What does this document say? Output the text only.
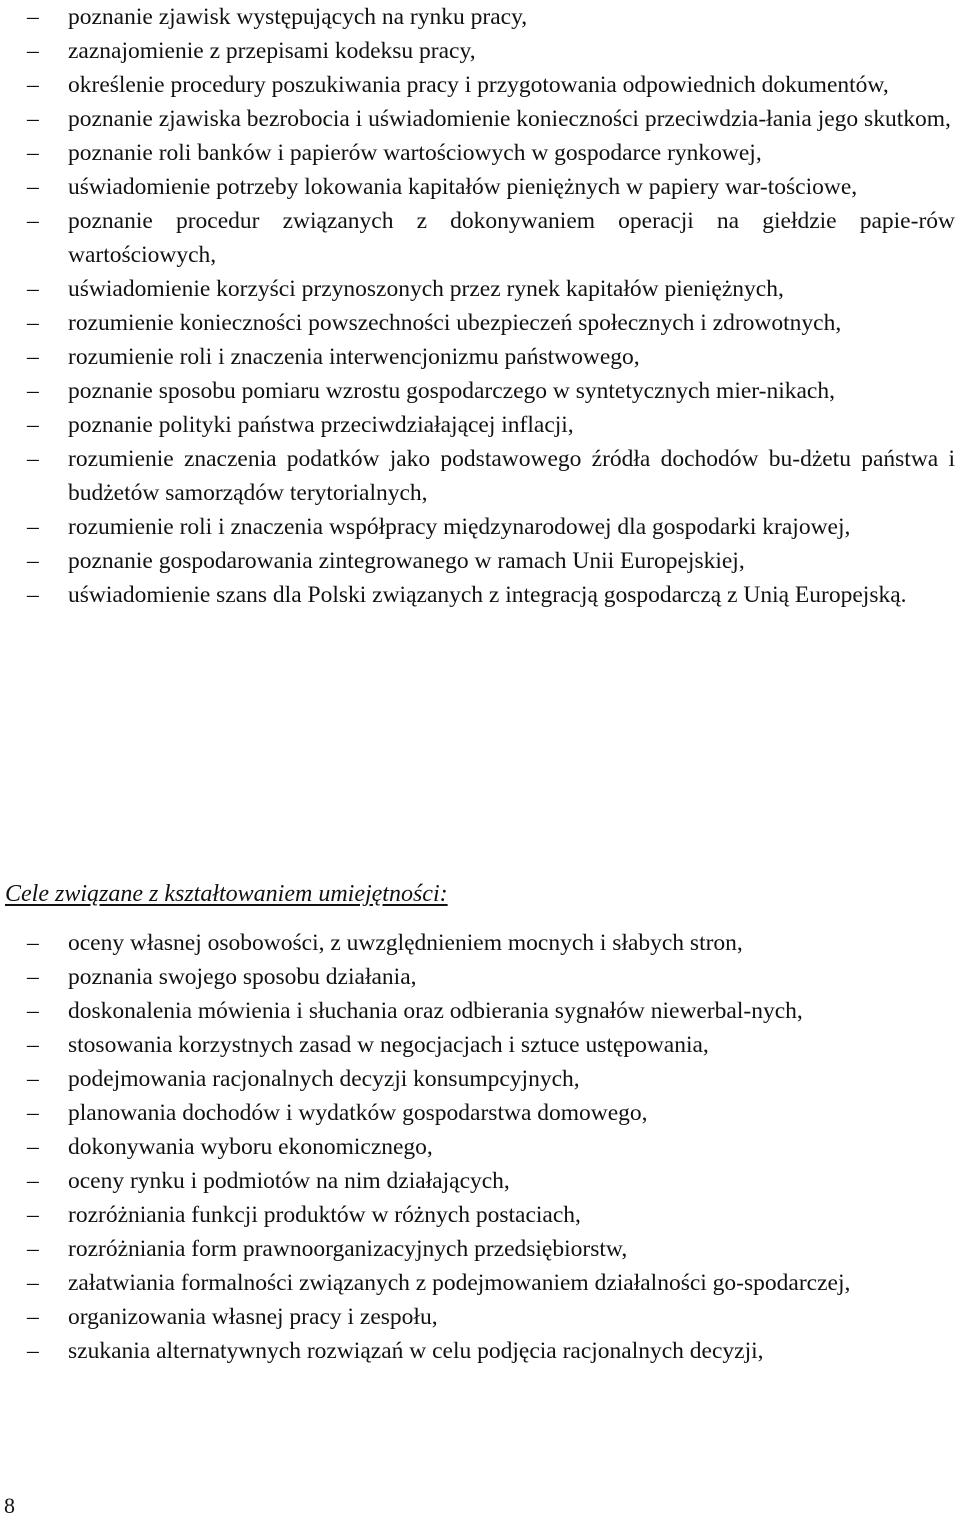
–	poznanie zjawisk występujących na rynku pracy,
–	zaznajomienie z przepisami kodeksu pracy,
–	określenie procedury poszukiwania pracy i przygotowania odpowiednich dokumentów,
–	poznanie zjawiska bezrobocia i uświadomienie konieczności przeciwdzia-łania jego skutkom,
–	poznanie roli banków i papierów wartościowych w gospodarce rynkowej,
–	uświadomienie potrzeby lokowania kapitałów pieniężnych w papiery war-tościowe,
–	poznanie procedur związanych z dokonywaniem operacji na giełdzie papie-rów wartościowych,
–	uświadomienie korzyści przynoszonych przez rynek kapitałów pieniężnych,
–	rozumienie konieczności powszechności ubezpieczeń społecznych i zdrowotnych,
–	rozumienie roli i znaczenia interwencjonizmu państwowego,
–	poznanie sposobu pomiaru wzrostu gospodarczego w syntetycznych mier-nikach,
–	poznanie polityki państwa przeciwdziałającej inflacji,
–	rozumienie znaczenia podatków jako podstawowego źródła dochodów bu-dżetu państwa i budżetów samorządów terytorialnych,
–	rozumienie roli i znaczenia współpracy międzynarodowej dla gospodarki krajowej,
–	poznanie gospodarowania zintegrowanego w ramach Unii Europejskiej,
–	uświadomienie szans dla Polski związanych z integracją gospodarczą z Unią Europejską.
Cele związane z kształtowaniem umiejętności:
–	oceny własnej osobowości, z uwzględnieniem mocnych i słabych stron,
–	poznania swojego sposobu działania,
–	doskonalenia mówienia i słuchania oraz odbierania sygnałów niewerbal-nych,
–	stosowania korzystnych zasad w negocjacjach i sztuce ustępowania,
–	podejmowania racjonalnych decyzji konsumpcyjnych,
–	planowania dochodów i wydatków gospodarstwa domowego,
–	dokonywania wyboru ekonomicznego,
–	oceny rynku i podmiotów na nim działających,
–	rozróżniania funkcji produktów w różnych postaciach,
–	rozróżniania form prawnoorganizacyjnych przedsiębiorstw,
–	załatwiania formalności związanych z podejmowaniem działalności go-spodarczej,
–	organizowania własnej pracy i zespołu,
–	szukania alternatywnych rozwiązań w celu podjęcia racjonalnych decyzji,
8
